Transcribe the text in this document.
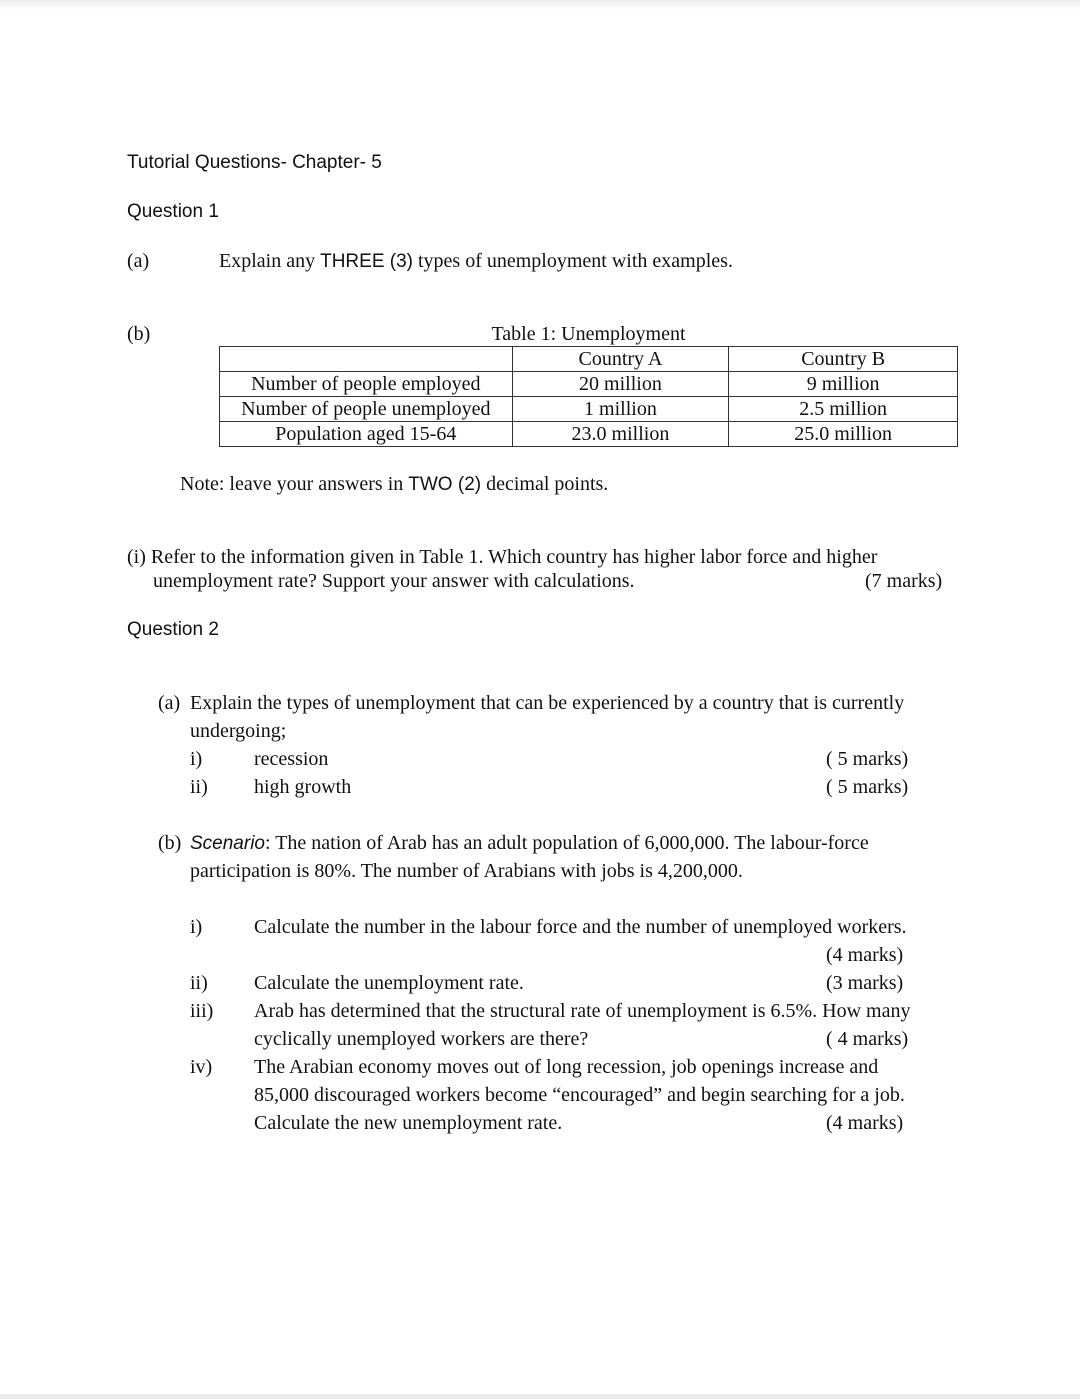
Tutorial Questions- Chapter- 5
Question 1
(a)	Explain any THREE (3) types of unemployment with examples.
(b)	Table 1: Unemployment
	Country A	Country B
Number of people employed	20 million	9 million
Number of people unemployed	1 million	2.5 million
Population aged 15-64	23.0 million	25.0 million
Note: leave your answers in TWO (2) decimal points.
(i) Refer to the information given in Table 1. Which country has higher labor force and higher
unemployment rate? Support your answer with calculations.	(7 marks)
Question 2
(a) Explain the types of unemployment that can be experienced by a country that is currently
undergoing;
i)	recession	( 5 marks)
ii) high growth	( 5 marks)
(b) Scenario: The nation of Arab has an adult population of 6,000,000. The labour-force
participation is 80%. The number of Arabians with jobs is 4,200,000.
i)	Calculate the number in the labour force and the number of unemployed workers.
(4 marks)
ii) Calculate the unemployment rate.	(3 marks)
iii) Arab has determined that the structural rate of unemployment is 6.5%. How many
cyclically unemployed workers are there?	( 4 marks)
iv) The Arabian economy moves out of long recession, job openings increase and
85,000 discouraged workers become “encouraged” and begin searching for a job.
Calculate the new unemployment rate.	(4 marks)
